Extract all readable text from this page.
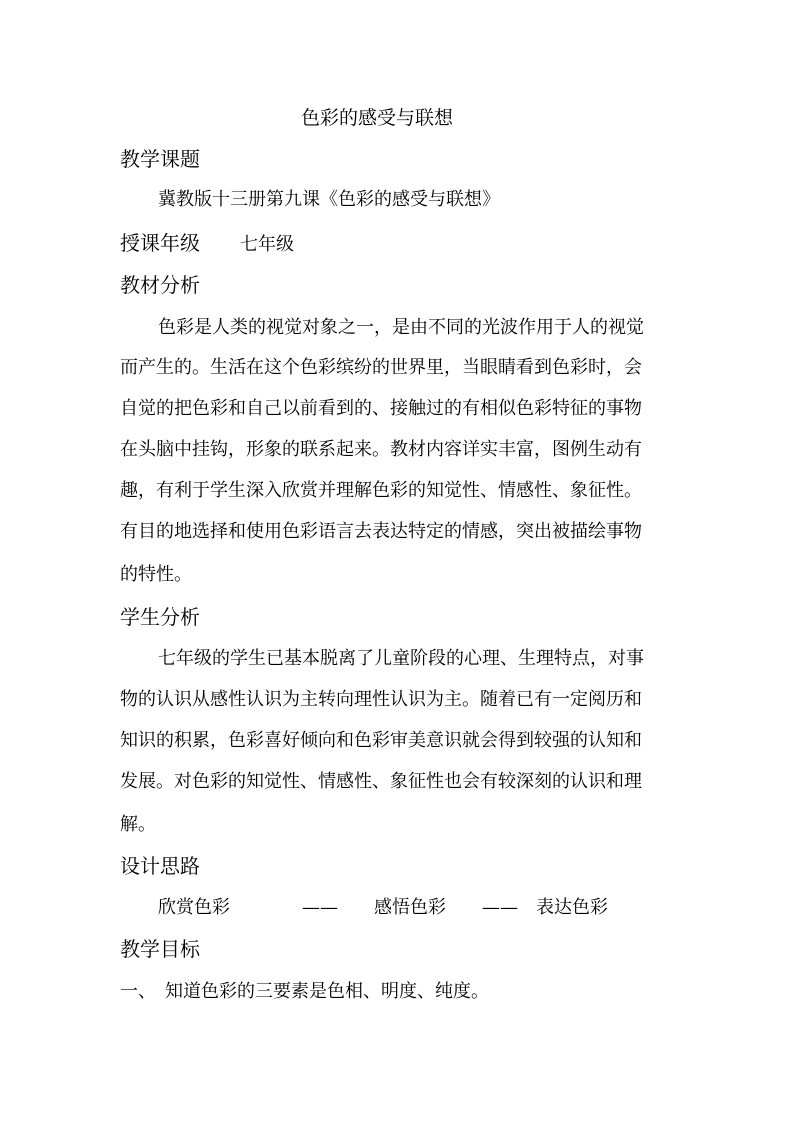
色彩的感受与联想
教学课题
冀教版十三册第九课《色彩的感受与联想》
授课年级 七年级
教材分析
色彩是人类的视觉对象之一，是由不同的光波作用于人的视觉
而产生的。生活在这个色彩缤纷的世界里，当眼睛看到色彩时，会
自觉的把色彩和自己以前看到的、接触过的有相似色彩特征的事物
在头脑中挂钩，形象的联系起来。教材内容详实丰富，图例生动有
趣，有利于学生深入欣赏并理解色彩的知觉性、情感性、象征性。
有目的地选择和使用色彩语言去表达特定的情感，突出被描绘事物
的特性。
学生分析
七年级的学生已基本脱离了儿童阶段的心理、生理特点，对事
物的认识从感性认识为主转向理性认识为主。随着已有一定阅历和
知识的积累，色彩喜好倾向和色彩审美意识就会得到较强的认知和
发展。对色彩的知觉性、情感性、象征性也会有较深刻的认识和理
解。
设计思路
欣赏色彩　　　　——　　感悟色彩　　——　表达色彩
教学目标
一、　知道色彩的三要素是色相、明度、纯度。
